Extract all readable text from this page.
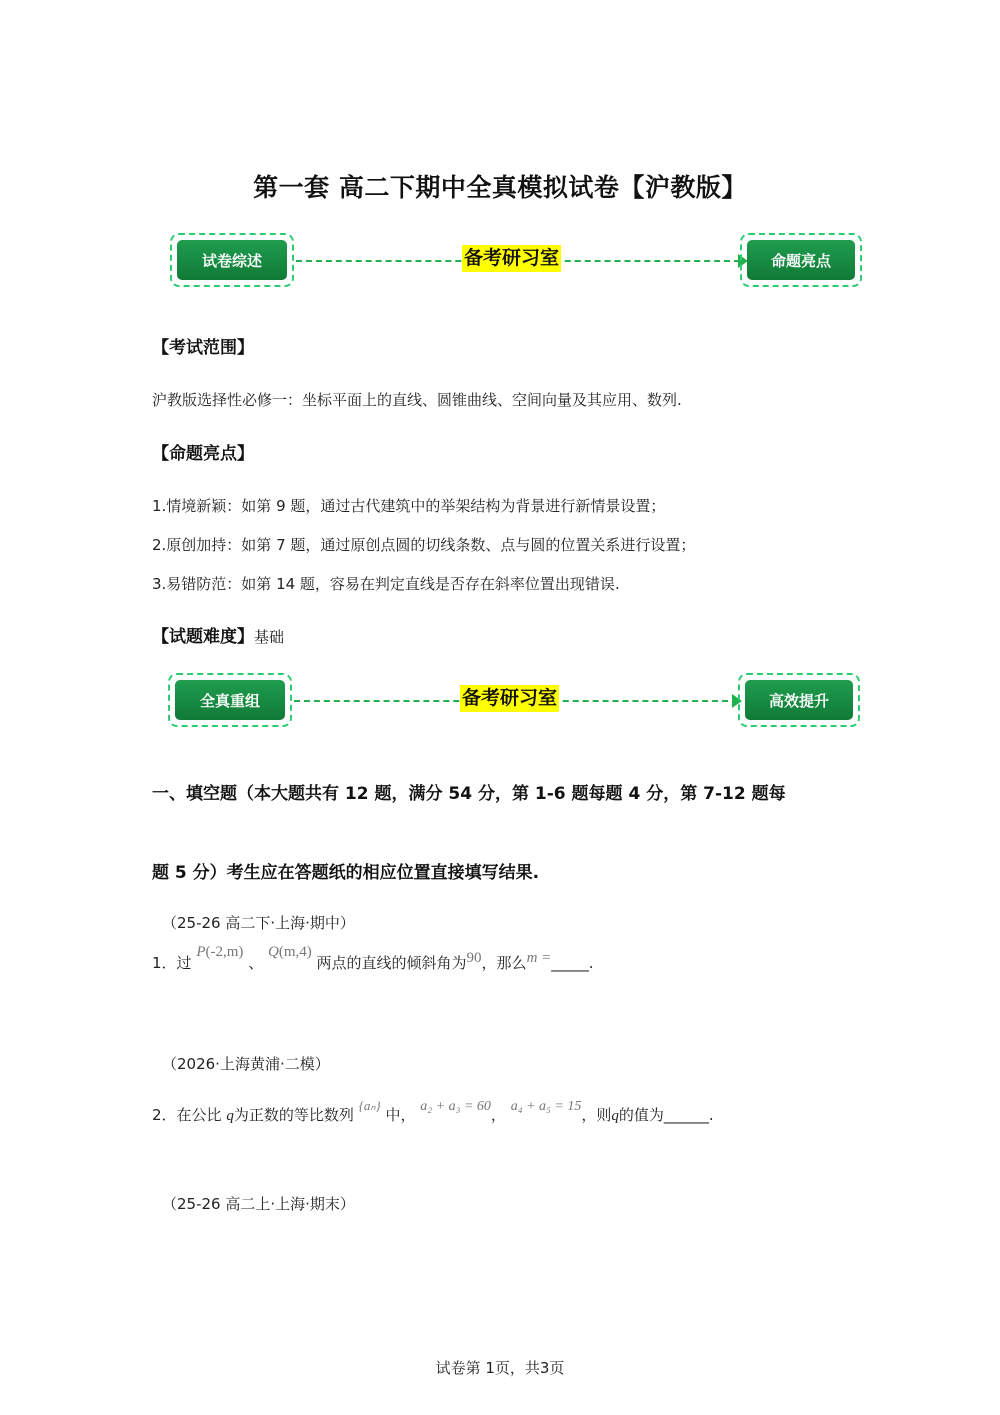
第一套 高二下期中全真模拟试卷【沪教版】
试卷综述	备考研习室	命题亮点
【考试范围】
沪教版选择性必修一：坐标平面上的直线、圆锥曲线、空间向量及其应用、数列.
【命题亮点】
1.情境新颖：如第 9 题，通过古代建筑中的举架结构为背景进行新情景设置；
2.原创加持：如第 7 题，通过原创点圆的切线条数、点与圆的位置关系进行设置；
3.易错防范：如第 14 题，容易在判定直线是否存在斜率位置出现错误.
【试题难度】基础
全真重组	备考研习室	高效提升
一、填空题（本大题共有 12 题，满分 54 分，第 1-6 题每题 4 分，第 7-12 题每
题 5 分）考生应在答题纸的相应位置直接填写结果.
（25-26 高二下·上海·期中）
1．过 P(-2,m) 、 Q(m,4) 两点的直线的倾斜角为90，那么m =_____.
（2026·上海黄浦·二模）
2．在公比 q为正数的等比数列 {aₙ} 中， a₂ + a₃ = 60， a₄ + a₅ = 15，则q的值为______.
（25-26 高二上·上海·期末）
试卷第 1页，共3页
